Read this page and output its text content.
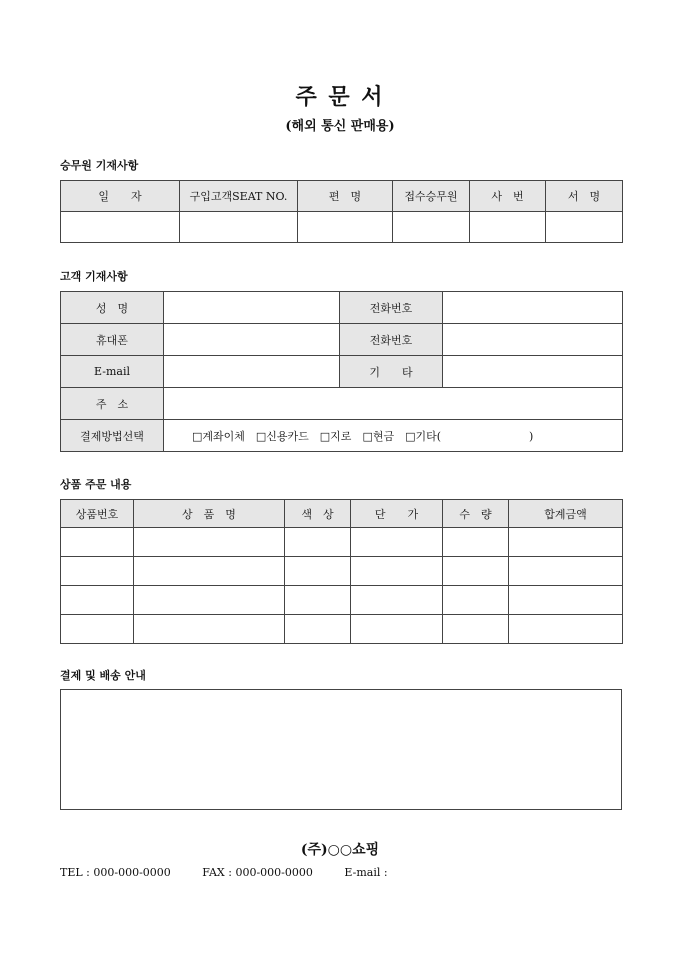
주 문 서
(해외 통신 판매용)
승무원 기재사항
일　　자	구입고객SEAT NO.	편　명	접수승무원	사　번	서　명

고객 기재사항
성　명		전화번호	
휴대폰		전화번호	
E-mail		기　　타	
주　소			
결제방법선택	□계좌이체　□신용카드　□지로　□현금　□기타(　　　　　　　　)		
상품 주문 내용
상품번호	상　품　명	색　상	단　　가	수　량	합계금액

결제 및 배송 안내
(주)○○쇼핑
TEL : 000-000-0000	FAX : 000-000-0000	E-mail :
